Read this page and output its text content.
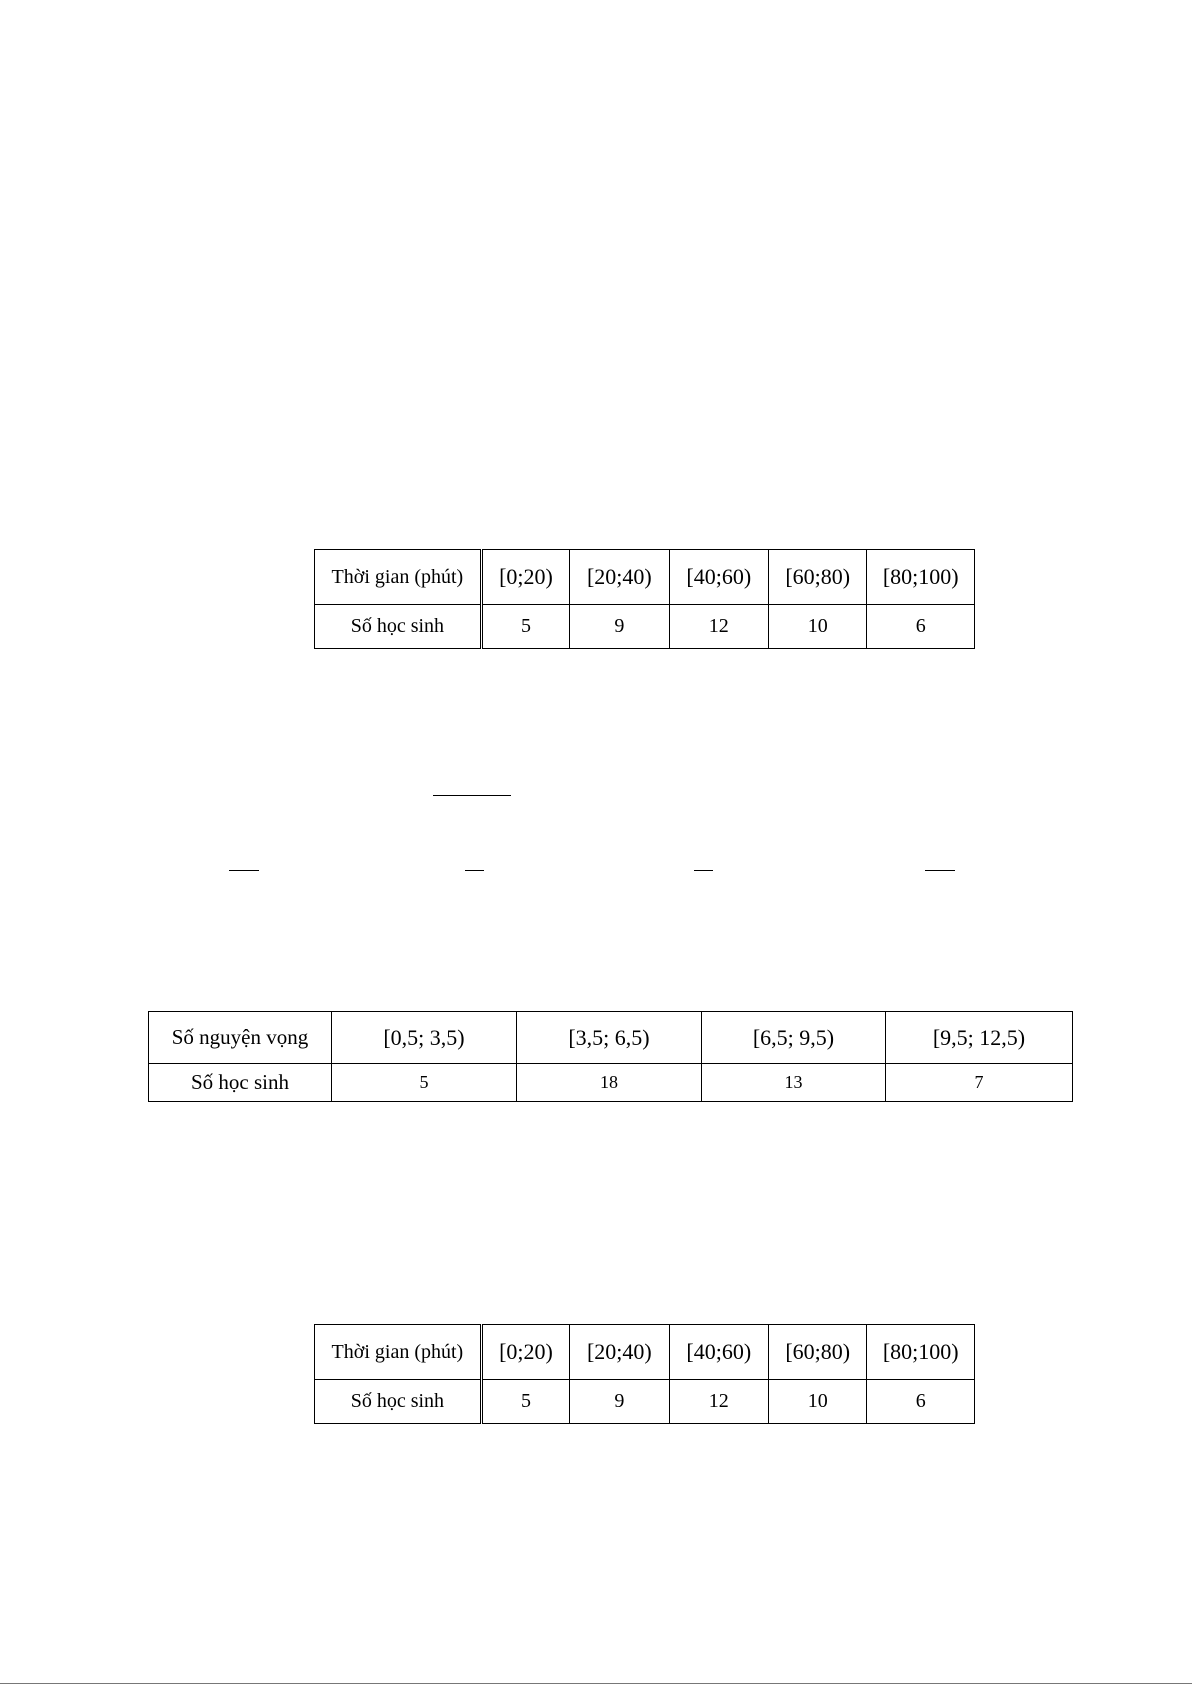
Thời gian (phút)	[0;20)	[20;40)	[40;60)	[60;80)	[80;100)
Số học sinh	5	9	12	10	6
Số nguyện vọng	[0,5; 3,5)	[3,5; 6,5)	[6,5; 9,5)	[9,5; 12,5)
Số học sinh	5	18	13	7
Thời gian (phút)	[0;20)	[20;40)	[40;60)	[60;80)	[80;100)
Số học sinh	5	9	12	10	6
